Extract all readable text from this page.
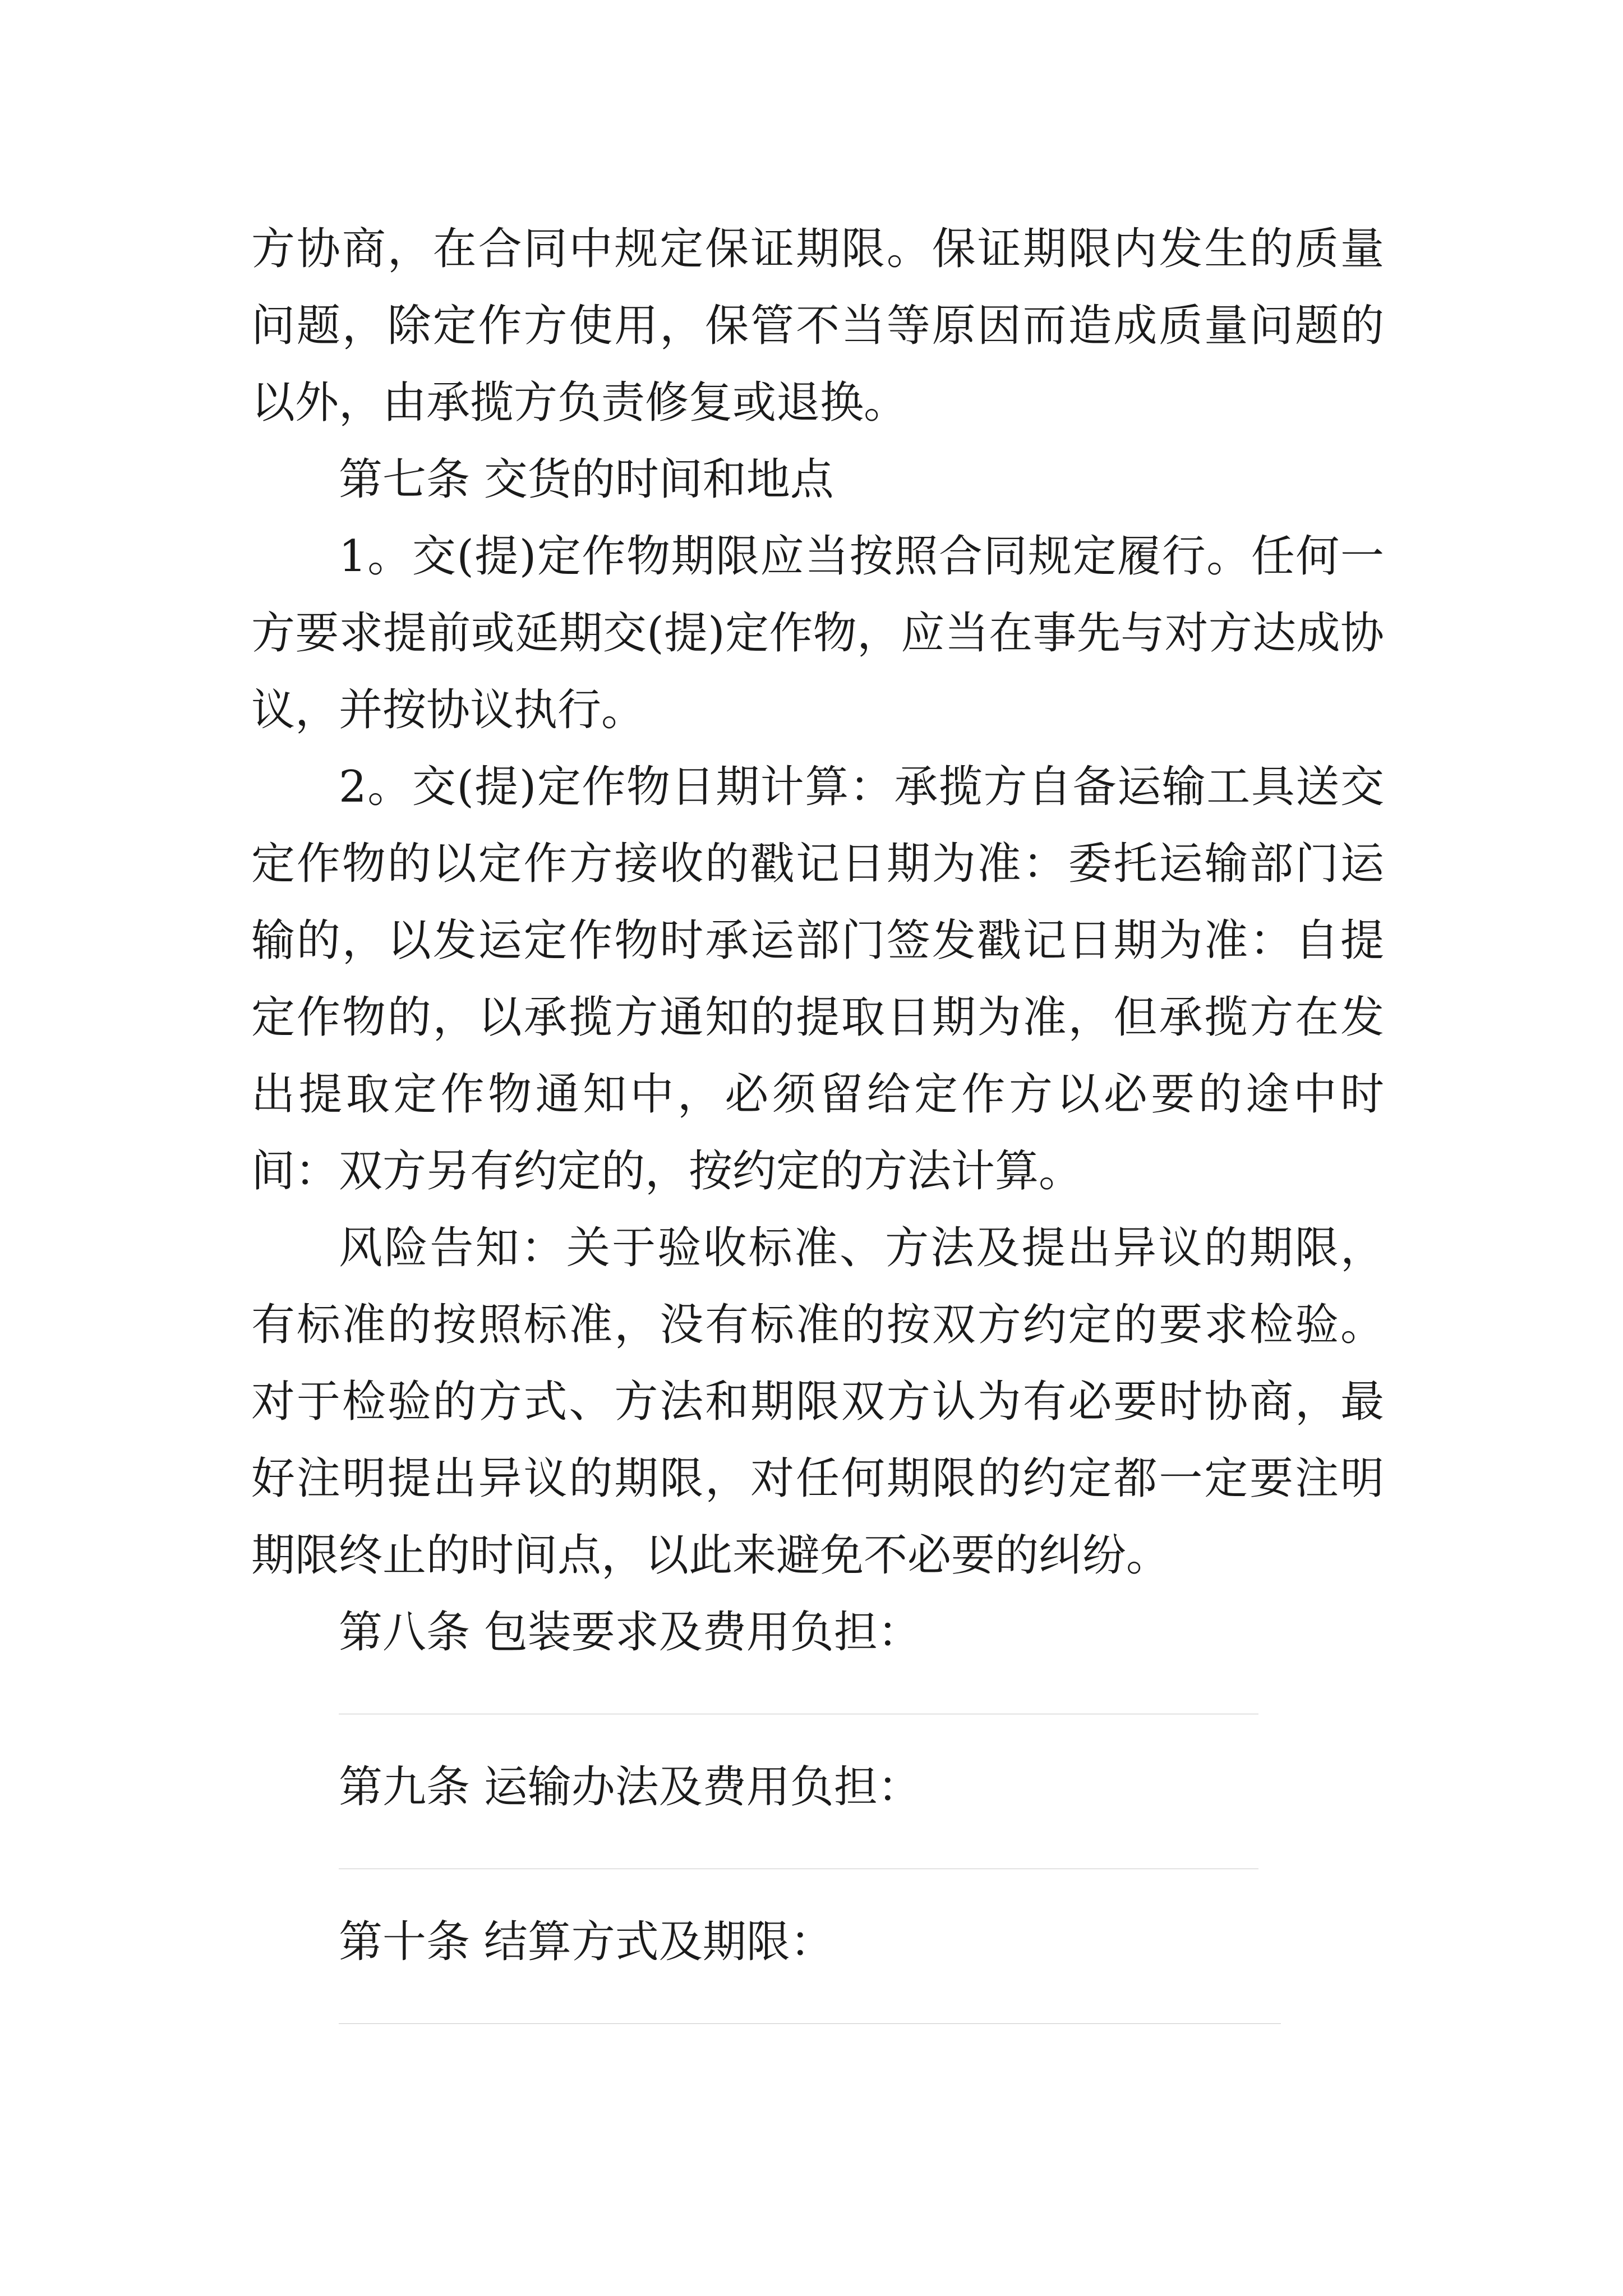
方协商，在合同中规定保证期限。保证期限内发生的质量问题，除定作方使用，保管不当等原因而造成质量问题的以外，由承揽方负责修复或退换。

第七条 交货的时间和地点

1。交(提)定作物期限应当按照合同规定履行。任何一方要求提前或延期交(提)定作物，应当在事先与对方达成协议，并按协议执行。

2。交(提)定作物日期计算：承揽方自备运输工具送交定作物的以定作方接收的戳记日期为准：委托运输部门运输的，以发运定作物时承运部门签发戳记日期为准：自提定作物的，以承揽方通知的提取日期为准，但承揽方在发出提取定作物通知中，必须留给定作方以必要的途中时间：双方另有约定的，按约定的方法计算。

风险告知：关于验收标准、方法及提出异议的期限，有标准的按照标准，没有标准的按双方约定的要求检验。对于检验的方式、方法和期限双方认为有必要时协商，最好注明提出异议的期限，对任何期限的约定都一定要注明期限终止的时间点，以此来避免不必要的纠纷。

第八条 包装要求及费用负担：

第九条 运输办法及费用负担：

第十条 结算方式及期限：
